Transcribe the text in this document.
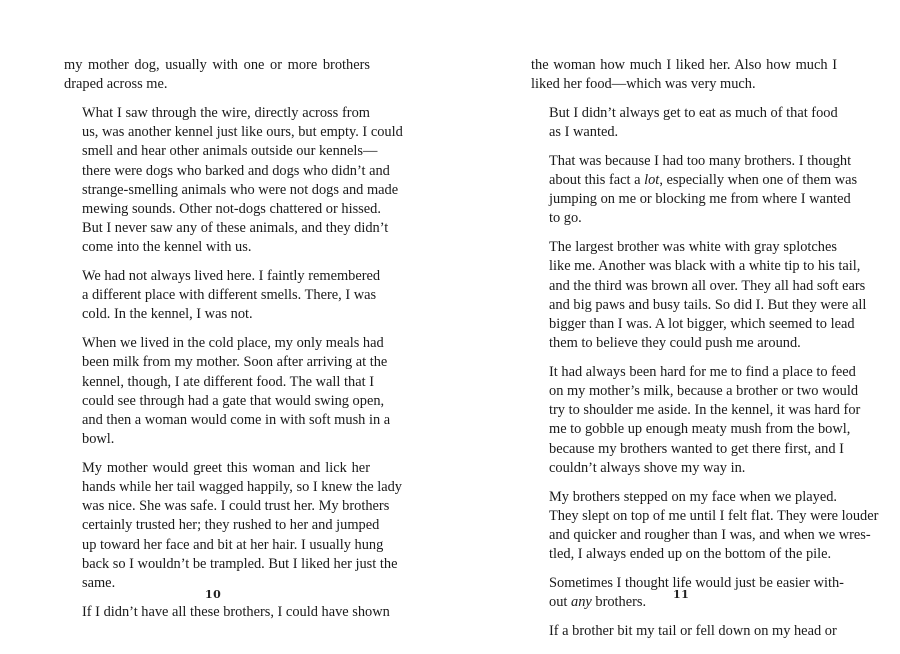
my mother dog, usually with one or more brothers
draped across me.

What I saw through the wire, directly across from
us, was another kennel just like ours, but empty. I could
smell and hear other animals outside our kennels—
there were dogs who barked and dogs who didn’t and
strange-smelling animals who were not dogs and made
mewing sounds. Other not-dogs chattered or hissed.
But I never saw any of these animals, and they didn’t
come into the kennel with us.

We had not always lived here. I faintly remembered
a different place with different smells. There, I was
cold. In the kennel, I was not.

When we lived in the cold place, my only meals had
been milk from my mother. Soon after arriving at the
kennel, though, I ate different food. The wall that I
could see through had a gate that would swing open,
and then a woman would come in with soft mush in a
bowl.

My mother would greet this woman and lick her
hands while her tail wagged happily, so I knew the lady
was nice. She was safe. I could trust her. My brothers
certainly trusted her; they rushed to her and jumped
up toward her face and bit at her hair. I usually hung
back so I wouldn’t be trampled. But I liked her just the
same.

If I didn’t have all these brothers, I could have shown

the woman how much I liked her. Also how much I
liked her food—which was very much.

But I didn’t always get to eat as much of that food
as I wanted.

That was because I had too many brothers. I thought
about this fact a lot, especially when one of them was
jumping on me or blocking me from where I wanted
to go.

The largest brother was white with gray splotches
like me. Another was black with a white tip to his tail,
and the third was brown all over. They all had soft ears
and big paws and busy tails. So did I. But they were all
bigger than I was. A lot bigger, which seemed to lead
them to believe they could push me around.

It had always been hard for me to find a place to feed
on my mother’s milk, because a brother or two would
try to shoulder me aside. In the kennel, it was hard for
me to gobble up enough meaty mush from the bowl,
because my brothers wanted to get there first, and I
couldn’t always shove my way in.

My brothers stepped on my face when we played.
They slept on top of me until I felt flat. They were louder
and quicker and rougher than I was, and when we wres-
tled, I always ended up on the bottom of the pile.

Sometimes I thought life would just be easier with-
out any brothers.

If a brother bit my tail or fell down on my head or

10	11
